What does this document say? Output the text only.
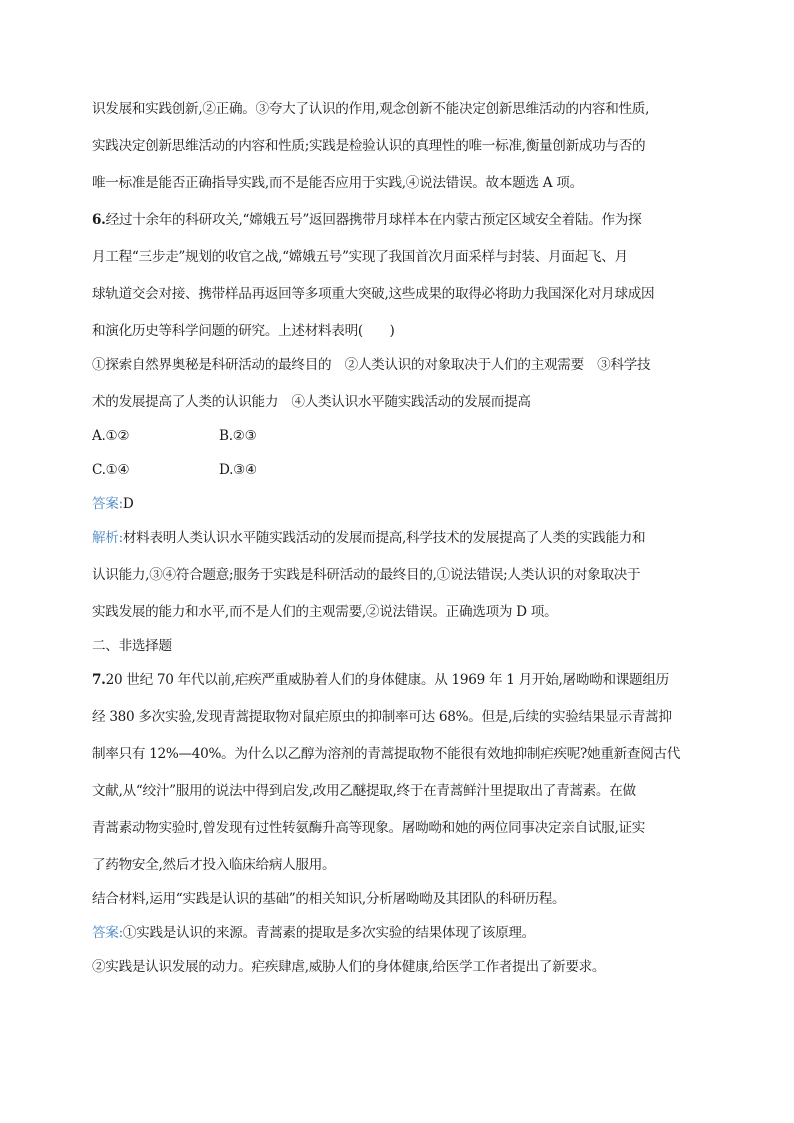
识发展和实践创新,②正确。③夸大了认识的作用,观念创新不能决定创新思维活动的内容和性质,
实践决定创新思维活动的内容和性质;实践是检验认识的真理性的唯一标准,衡量创新成功与否的
唯一标准是能否正确指导实践,而不是能否应用于实践,④说法错误。故本题选 A 项。
6.经过十余年的科研攻关,“嫦娥五号”返回器携带月球样本在内蒙古预定区域安全着陆。作为探
月工程“三步走”规划的收官之战,“嫦娥五号”实现了我国首次月面采样与封装、月面起飞、月
球轨道交会对接、携带样品再返回等多项重大突破,这些成果的取得必将助力我国深化对月球成因
和演化历史等科学问题的研究。上述材料表明(　　)
①探索自然界奥秘是科研活动的最终目的　②人类认识的对象取决于人们的主观需要　③科学技
术的发展提高了人类的认识能力　④人类认识水平随实践活动的发展而提高
A.①②	B.②③
C.①④	D.③④
答案:D
解析:材料表明人类认识水平随实践活动的发展而提高,科学技术的发展提高了人类的实践能力和
认识能力,③④符合题意;服务于实践是科研活动的最终目的,①说法错误;人类认识的对象取决于
实践发展的能力和水平,而不是人们的主观需要,②说法错误。正确选项为 D 项。
二、非选择题
7.20 世纪 70 年代以前,疟疾严重威胁着人们的身体健康。从 1969 年 1 月开始,屠呦呦和课题组历
经 380 多次实验,发现青蒿提取物对鼠疟原虫的抑制率可达 68%。但是,后续的实验结果显示青蒿抑
制率只有 12%—40%。为什么以乙醇为溶剂的青蒿提取物不能很有效地抑制疟疾呢?她重新查阅古代
文献,从“绞汁”服用的说法中得到启发,改用乙醚提取,终于在青蒿鲜汁里提取出了青蒿素。在做
青蒿素动物实验时,曾发现有过性转氨酶升高等现象。屠呦呦和她的两位同事决定亲自试服,证实
了药物安全,然后才投入临床给病人服用。
结合材料,运用“实践是认识的基础”的相关知识,分析屠呦呦及其团队的科研历程。
答案:①实践是认识的来源。青蒿素的提取是多次实验的结果体现了该原理。
②实践是认识发展的动力。疟疾肆虐,威胁人们的身体健康,给医学工作者提出了新要求。
